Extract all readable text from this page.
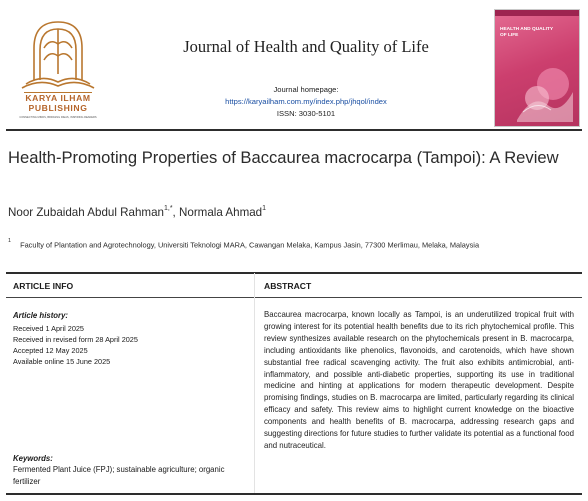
KARYA ILHAM
PUBLISHING
CONNECTING MINDS, BRIDGING IDEAS, INSPIRING READERS
Journal of Health and Quality of Life
Journal homepage:
https://karyailham.com.my/index.php/jhqol/index
ISSN: 3030-5101
HEALTH AND QUALITY OF LIFE
Health-Promoting Properties of Baccaurea macrocarpa (Tampoi): A Review
Noor Zubaidah Abdul Rahman$^{1,*}$, Normala Ahmad$^1$
$^1$ Faculty of Plantation and Agrotechnology, Universiti Teknologi MARA, Cawangan Melaka, Kampus Jasin, 77300 Merlimau, Melaka, Malaysia
ARTICLE INFO	ABSTRACT
Article history:
Received 1 April 2025
Received in revised form 28 April 2025
Accepted 12 May 2025
Available online 15 June 2025
Keywords:
Fermented Plant Juice (FPJ); sustainable agriculture; organic fertilizer

Baccaurea macrocarpa, known locally as Tampoi, is an underutilized tropical fruit with growing interest for its potential health benefits due to its rich phytochemical profile. This review synthesizes available research on the phytochemicals present in B. macrocarpa, including antioxidants like phenolics, flavonoids, and carotenoids, which have shown substantial free radical scavenging activity. The fruit also exhibits antimicrobial, anti-inflammatory, and possible anti-diabetic properties, supporting its use in traditional medicine and hinting at applications for modern therapeutic development. Despite promising findings, studies on B. macrocarpa are limited, particularly regarding its clinical efficacy and safety. This review aims to highlight current knowledge on the bioactive components and health benefits of B. macrocarpa, addressing research gaps and suggesting directions for future studies to further validate its potential as a functional food and nutraceutical.
